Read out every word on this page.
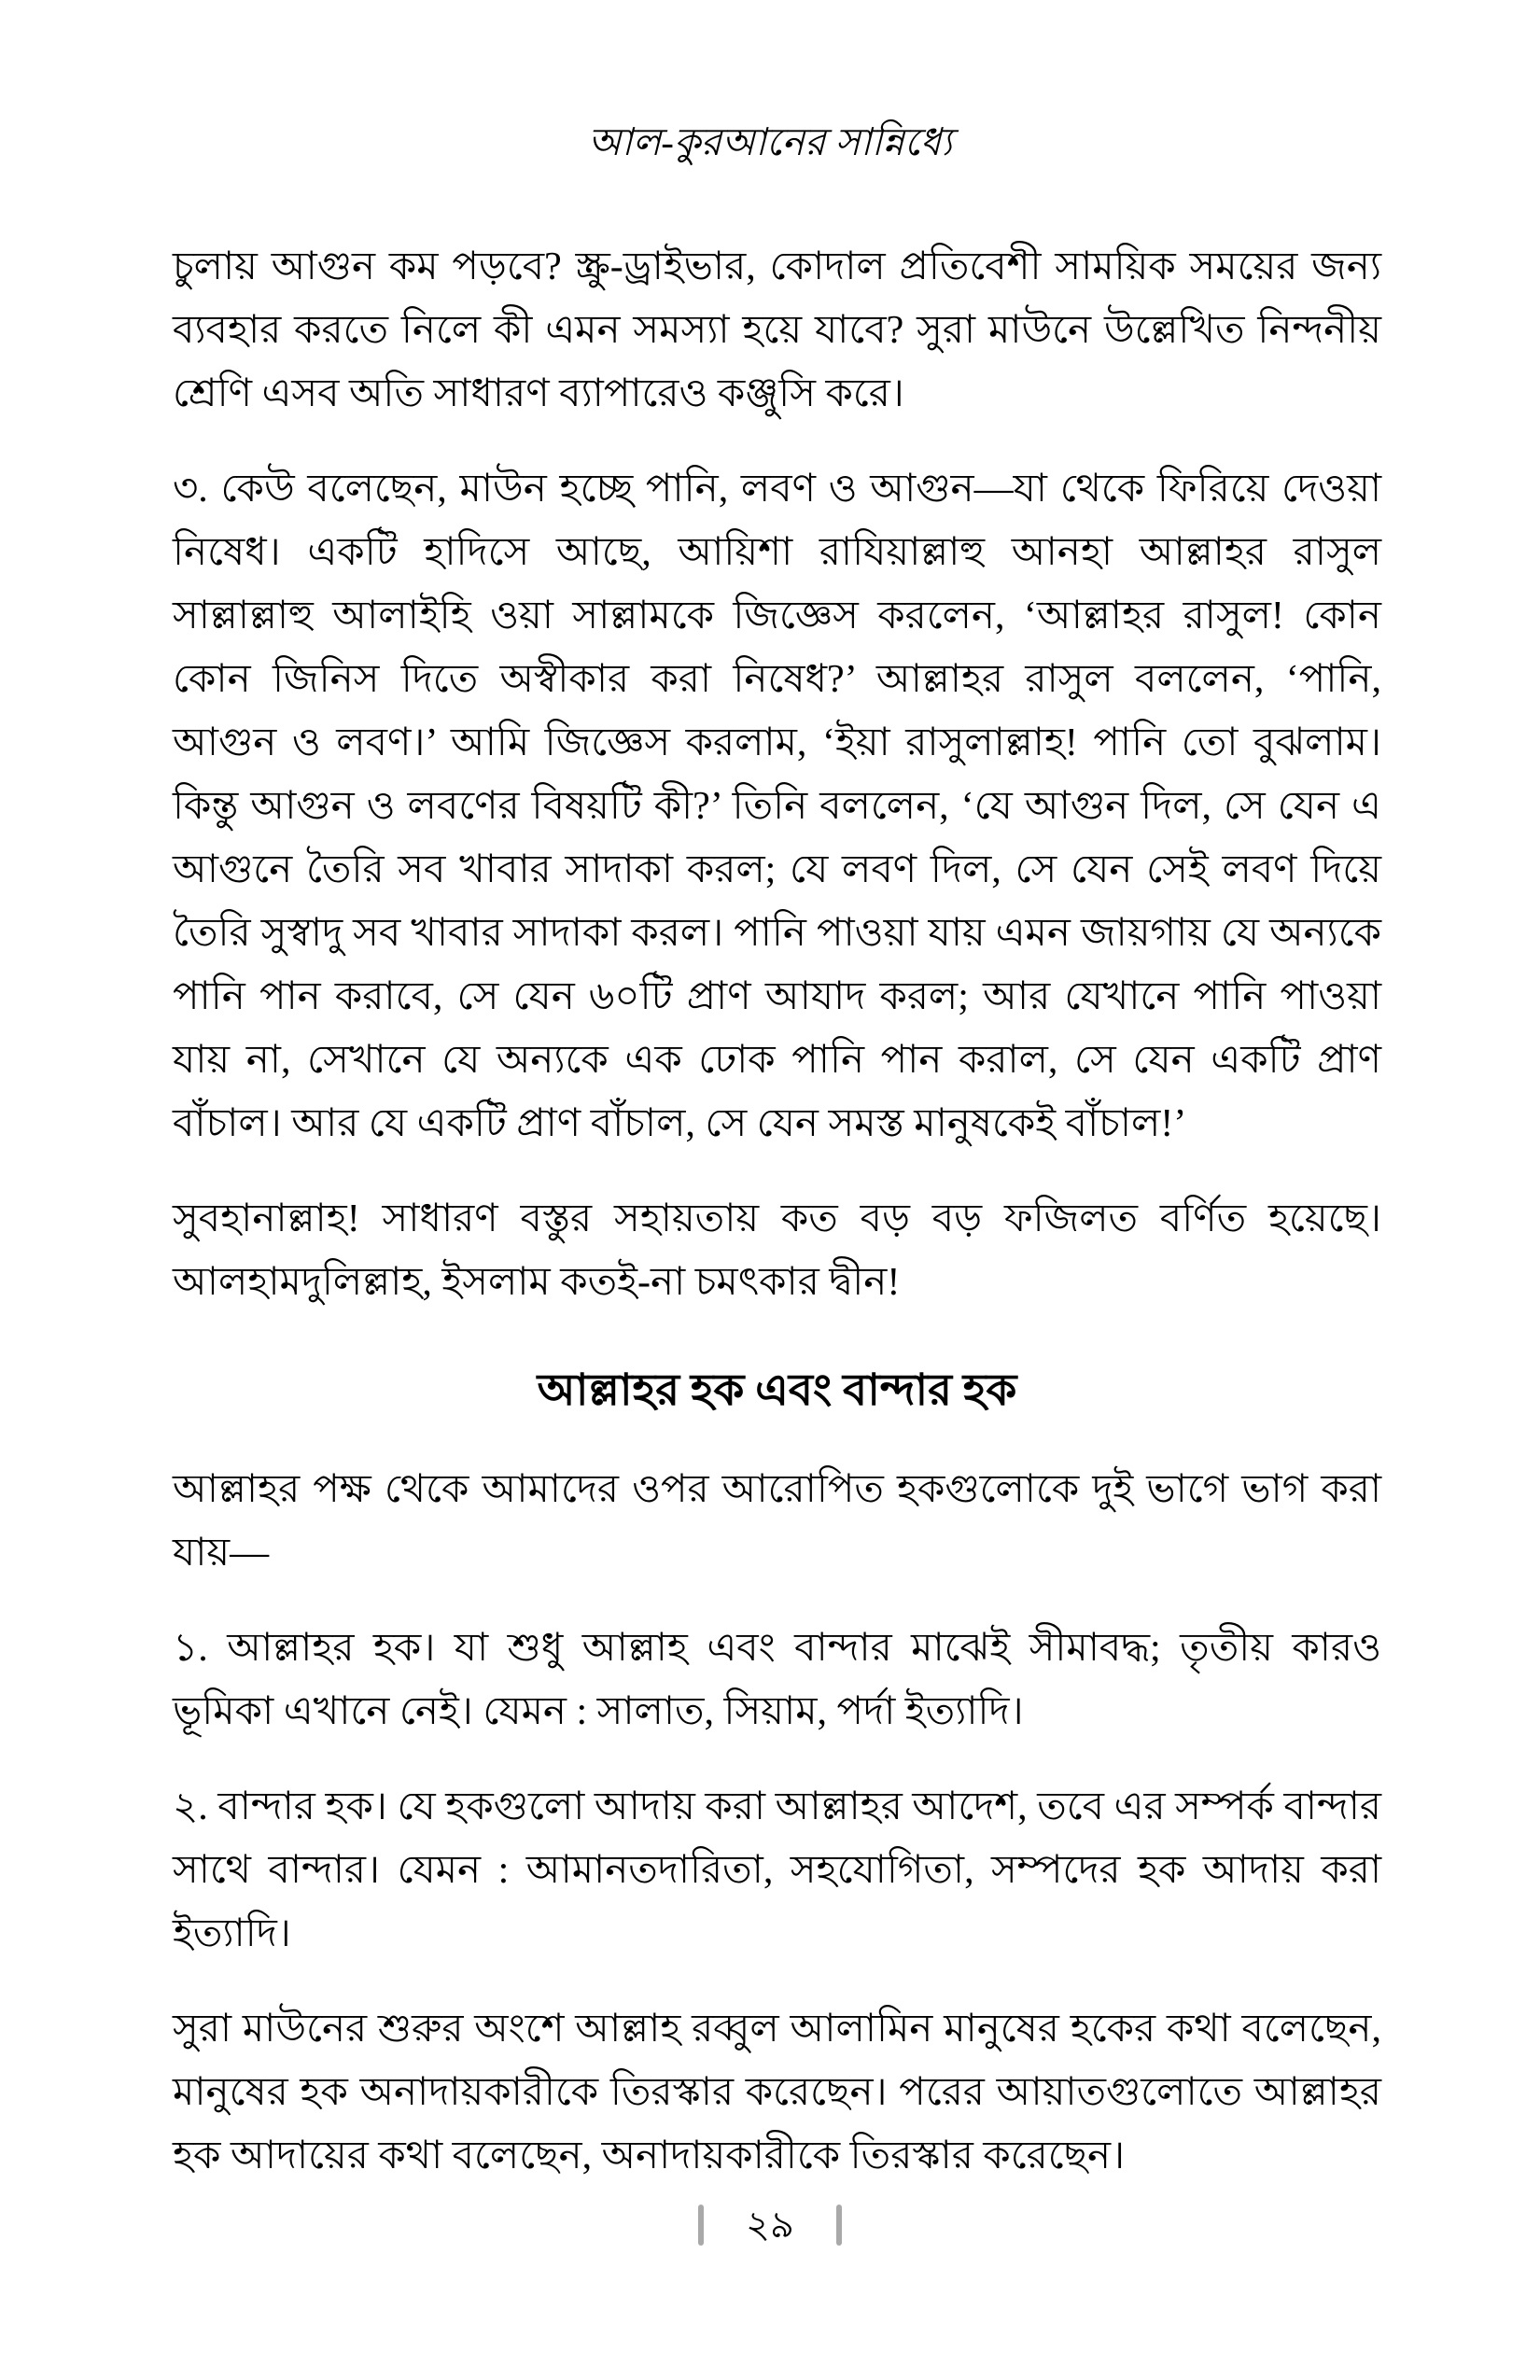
আল-কুরআনের সান্নিধ্যে

চুলায় আগুন কম পড়বে? স্ক্রু-ড্রাইভার, কোদাল প্রতিবেশী সাময়িক সময়ের জন্য ব্যবহার করতে নিলে কী এমন সমস্যা হয়ে যাবে? সুরা মাউনে উল্লেখিত নিন্দনীয় শ্রেণি এসব অতি সাধারণ ব্যাপারেও কঞ্জুসি করে।

৩. কেউ বলেছেন, মাউন হচ্ছে পানি, লবণ ও আগুন—যা থেকে ফিরিয়ে দেওয়া নিষেধ। একটি হাদিসে আছে, আয়িশা রাযিয়াল্লাহু আনহা আল্লাহর রাসুল সাল্লাল্লাহু আলাইহি ওয়া সাল্লামকে জিজ্ঞেস করলেন, ‘আল্লাহর রাসুল! কোন কোন জিনিস দিতে অস্বীকার করা নিষেধ?’ আল্লাহর রাসুল বললেন, ‘পানি, আগুন ও লবণ।’ আমি জিজ্ঞেস করলাম, ‘ইয়া রাসুলাল্লাহ! পানি তো বুঝলাম। কিন্তু আগুন ও লবণের বিষয়টি কী?’ তিনি বললেন, ‘যে আগুন দিল, সে যেন এ আগুনে তৈরি সব খাবার সাদাকা করল; যে লবণ দিল, সে যেন সেই লবণ দিয়ে তৈরি সুস্বাদু সব খাবার সাদাকা করল। পানি পাওয়া যায় এমন জায়গায় যে অন্যকে পানি পান করাবে, সে যেন ৬০টি প্রাণ আযাদ করল; আর যেখানে পানি পাওয়া যায় না, সেখানে যে অন্যকে এক ঢোক পানি পান করাল, সে যেন একটি প্রাণ বাঁচাল। আর যে একটি প্রাণ বাঁচাল, সে যেন সমস্ত মানুষকেই বাঁচাল!’

সুবহানাল্লাহ! সাধারণ বস্তুর সহায়তায় কত বড় বড় ফজিলত বর্ণিত হয়েছে। আলহামদুলিল্লাহ, ইসলাম কতই-না চমৎকার দ্বীন!

আল্লাহর হক এবং বান্দার হক

আল্লাহর পক্ষ থেকে আমাদের ওপর আরোপিত হকগুলোকে দুই ভাগে ভাগ করা যায়—

১. আল্লাহর হক। যা শুধু আল্লাহ এবং বান্দার মাঝেই সীমাবদ্ধ; তৃতীয় কারও ভূমিকা এখানে নেই। যেমন : সালাত, সিয়াম, পর্দা ইত্যাদি।

২. বান্দার হক। যে হকগুলো আদায় করা আল্লাহর আদেশ, তবে এর সম্পর্ক বান্দার সাথে বান্দার। যেমন : আমানতদারিতা, সহযোগিতা, সম্পদের হক আদায় করা ইত্যাদি।

সুরা মাউনের শুরুর অংশে আল্লাহ রব্বুল আলামিন মানুষের হকের কথা বলেছেন, মানুষের হক অনাদায়কারীকে তিরস্কার করেছেন। পরের আয়াতগুলোতে আল্লাহর হক আদায়ের কথা বলেছেন, অনাদায়কারীকে তিরস্কার করেছেন।

২৯
